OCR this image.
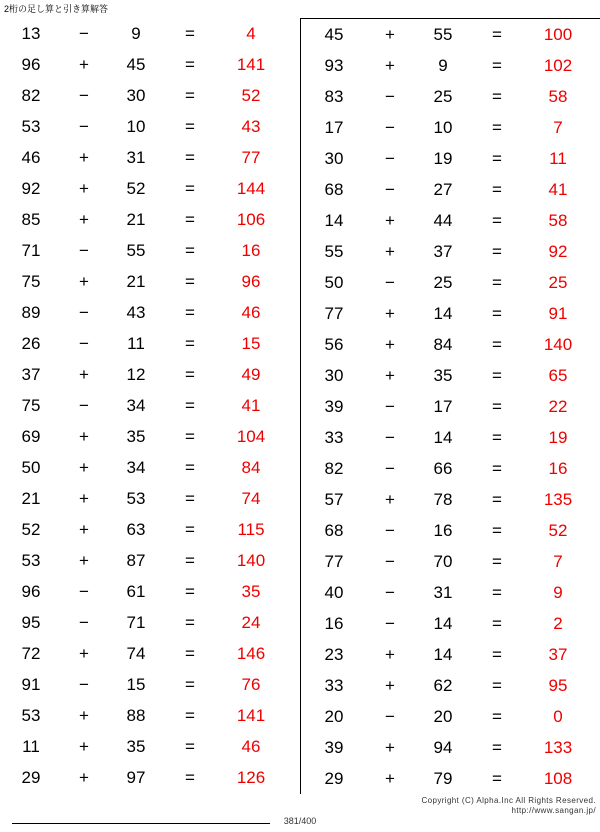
2桁の足し算と引き算解答
13	−	9	=	4
96	+	45	=	141
82	−	30	=	52
53	−	10	=	43
46	+	31	=	77
92	+	52	=	144
85	+	21	=	106
71	−	55	=	16
75	+	21	=	96
89	−	43	=	46
26	−	11	=	15
37	+	12	=	49
75	−	34	=	41
69	+	35	=	104
50	+	34	=	84
21	+	53	=	74
52	+	63	=	115
53	+	87	=	140
96	−	61	=	35
95	−	71	=	24
72	+	74	=	146
91	−	15	=	76
53	+	88	=	141
11	+	35	=	46
29	+	97	=	126
45	+	55	=	100
93	+	9	=	102
83	−	25	=	58
17	−	10	=	7
30	−	19	=	11
68	−	27	=	41
14	+	44	=	58
55	+	37	=	92
50	−	25	=	25
77	+	14	=	91
56	+	84	=	140
30	+	35	=	65
39	−	17	=	22
33	−	14	=	19
82	−	66	=	16
57	+	78	=	135
68	−	16	=	52
77	−	70	=	7
40	−	31	=	9
16	−	14	=	2
23	+	14	=	37
33	+	62	=	95
20	−	20	=	0
39	+	94	=	133
29	+	79	=	108
381/400
Copyright (C) Alpha.Inc All Rights Reserved.
http://www.sangan.jp/
